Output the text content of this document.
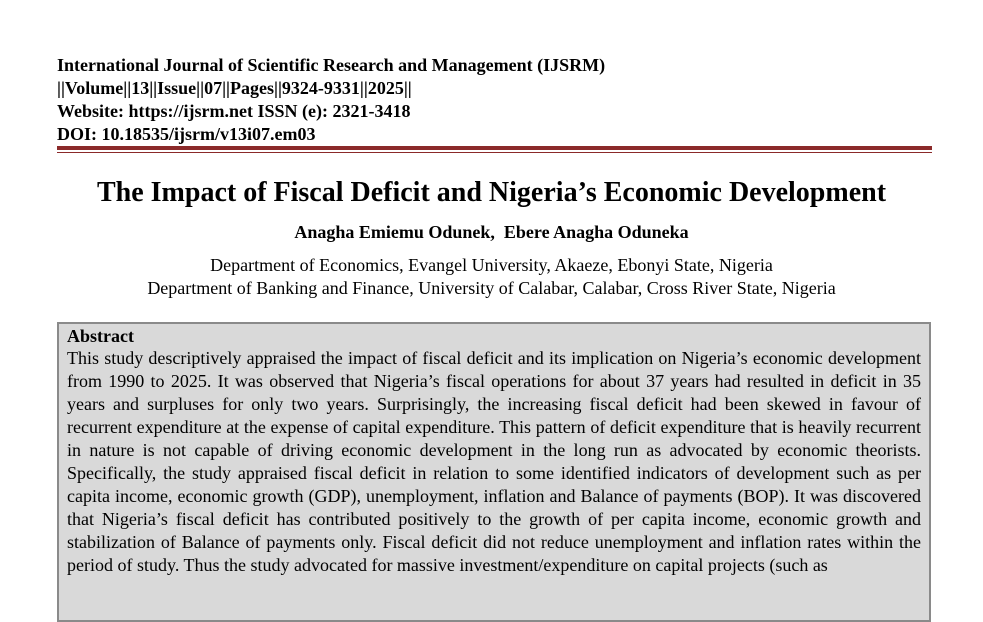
International Journal of Scientific Research and Management (IJSRM)
||Volume||13||Issue||07||Pages||9324-9331||2025||
Website: https://ijsrm.net ISSN (e): 2321-3418
DOI: 10.18535/ijsrm/v13i07.em03
The Impact of Fiscal Deficit and Nigeria’s Economic Development
Anagha Emiemu Odunek,  Ebere Anagha Oduneka
Department of Economics, Evangel University, Akaeze, Ebonyi State, Nigeria
Department of Banking and Finance, University of Calabar, Calabar, Cross River State, Nigeria
Abstract
This study descriptively appraised the impact of fiscal deficit and its implication on Nigeria’s economic development from 1990 to 2025. It was observed that Nigeria’s fiscal operations for about 37 years had resulted in deficit in 35 years and surpluses for only two years. Surprisingly, the increasing fiscal deficit had been skewed in favour of recurrent expenditure at the expense of capital expenditure. This pattern of deficit expenditure that is heavily recurrent in nature is not capable of driving economic development in the long run as advocated by economic theorists. Specifically, the study appraised fiscal deficit in relation to some identified indicators of development such as per capita income, economic growth (GDP), unemployment, inflation and Balance of payments (BOP). It was discovered that Nigeria’s fiscal deficit has contributed positively to the growth of per capita income, economic growth and stabilization of Balance of payments only. Fiscal deficit did not reduce unemployment and inflation rates within the period of study. Thus the study advocated for massive investment/expenditure on capital projects (such as
